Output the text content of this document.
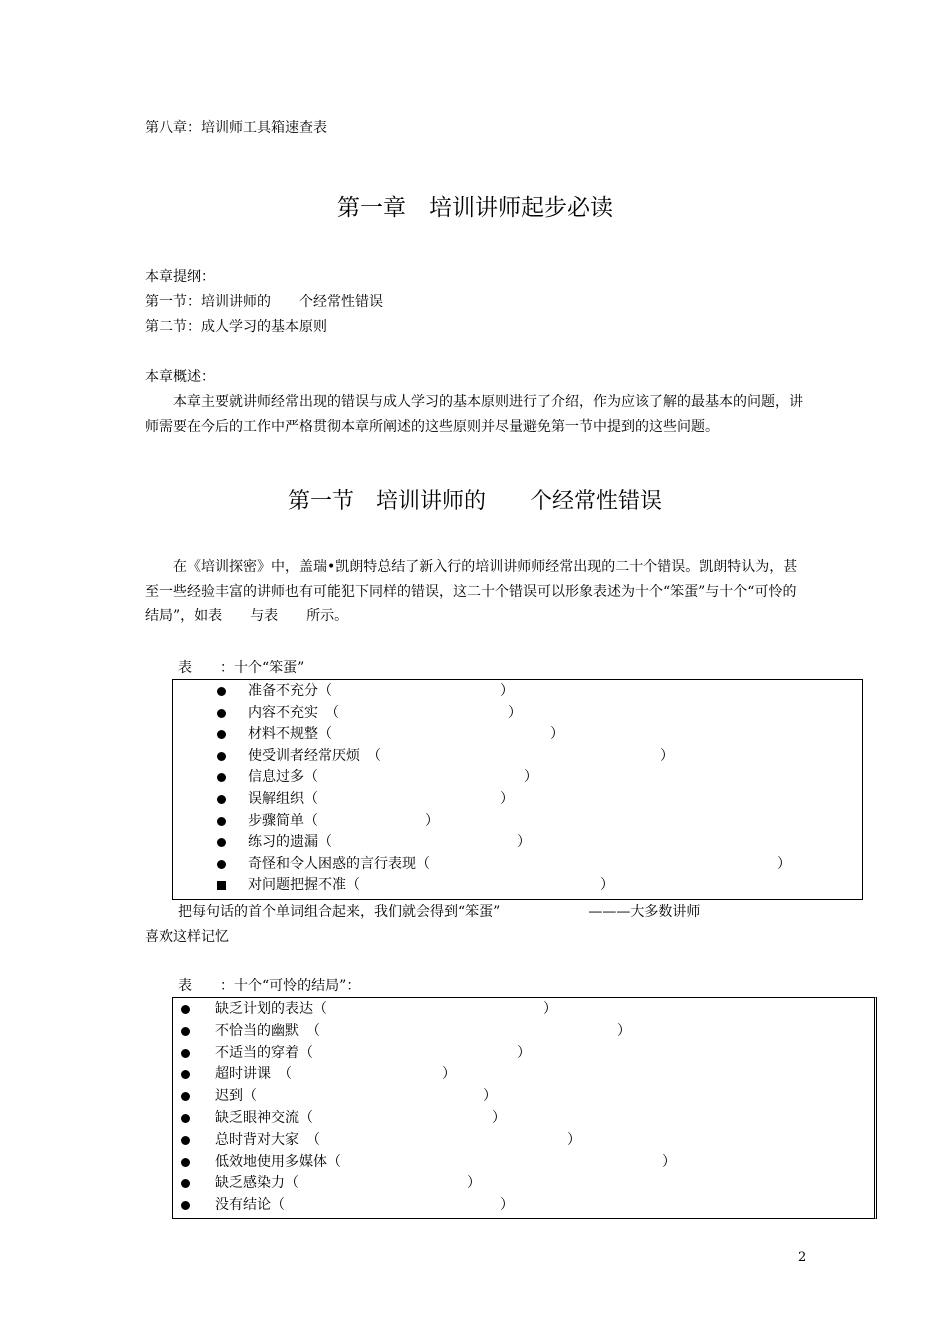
第八章：培训师工具箱速查表
第一章　培训讲师起步必读
本章提纲：
第一节：培训讲师的　　个经常性错误
第二节：成人学习的基本原则
本章概述：
本章主要就讲师经常出现的错误与成人学习的基本原则进行了介绍，作为应该了解的最基本的问题，讲师需要在今后的工作中严格贯彻本章所阐述的这些原则并尽量避免第一节中提到的这些问题。
第一节　培训讲师的　　个经常性错误
在《培训探密》中，盖瑞•凯朗特总结了新入行的培训讲师师经常出现的二十个错误。凯朗特认为，甚至一些经验丰富的讲师也有可能犯下同样的错误，这二十个错误可以形象表述为十个“笨蛋”与十个“可怜的结局”，如表　　与表　　所示。
表　　：十个“笨蛋”
准备不充分（	）
内容不充实　（	）
材料不规整（	）
使受训者经常厌烦　（	）
信息过多（	）
误解组织（	）
步骤简单（	）
练习的遗漏（	）
奇怪和令人困惑的言行表现（	）
对问题把握不准（	）
把每句话的首个单词组合起来，我们就会得到“笨蛋”	———大多数讲师
喜欢这样记忆
表　　：十个“可怜的结局”：
缺乏计划的表达（	）
不恰当的幽默　（	）
不适当的穿着（	）
超时讲课　（	）
迟到（	）
缺乏眼神交流（	）
总时背对大家　（	）
低效地使用多媒体（	）
缺乏感染力（	）
没有结论（	）
2
